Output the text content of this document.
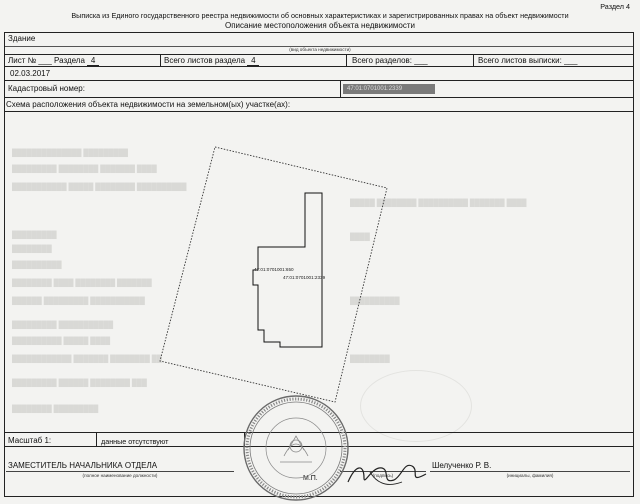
Раздел 4
Выписка из Единого государственного реестра недвижимости об основных характеристиках и зарегистрированных правах на объект недвижимости
Описание местоположения объекта недвижимости
Здание
(вид объекта недвижимости)
Лист № ___ Раздела 4	Всего листов раздела 4	Всего разделов: ___	Всего листов выписки: ___
02.03.2017
Кадастровый номер:	47:01:0701001:2339
Схема расположения объекта недвижимости на земельном(ых) участке(ах):
██████████████ █████████
█████████ ████████ ███████ ████
███████████ █████ ████████ ██████████
█████████
████████
██████████
████████ ████ ████████ ███████
██████ █████████ ███████████
█████████ ███████████
██████████ █████ ████
████████████ ███████ ████████ ██
█████████ ██████ ████████ ███
████████ █████████
█████ ████████ ██████████ ███████ ████
████
██████████
████████
47:01:0701001:650
47:01:0701001:2339
Масштаб 1:	данные отсутствуют
ЗАМЕСТИТЕЛЬ НАЧАЛЬНИКА ОТДЕЛА
(полное наименование должности)	(подпись)
М.П.
Шелученко Р. В.
(инициалы, фамилия)
